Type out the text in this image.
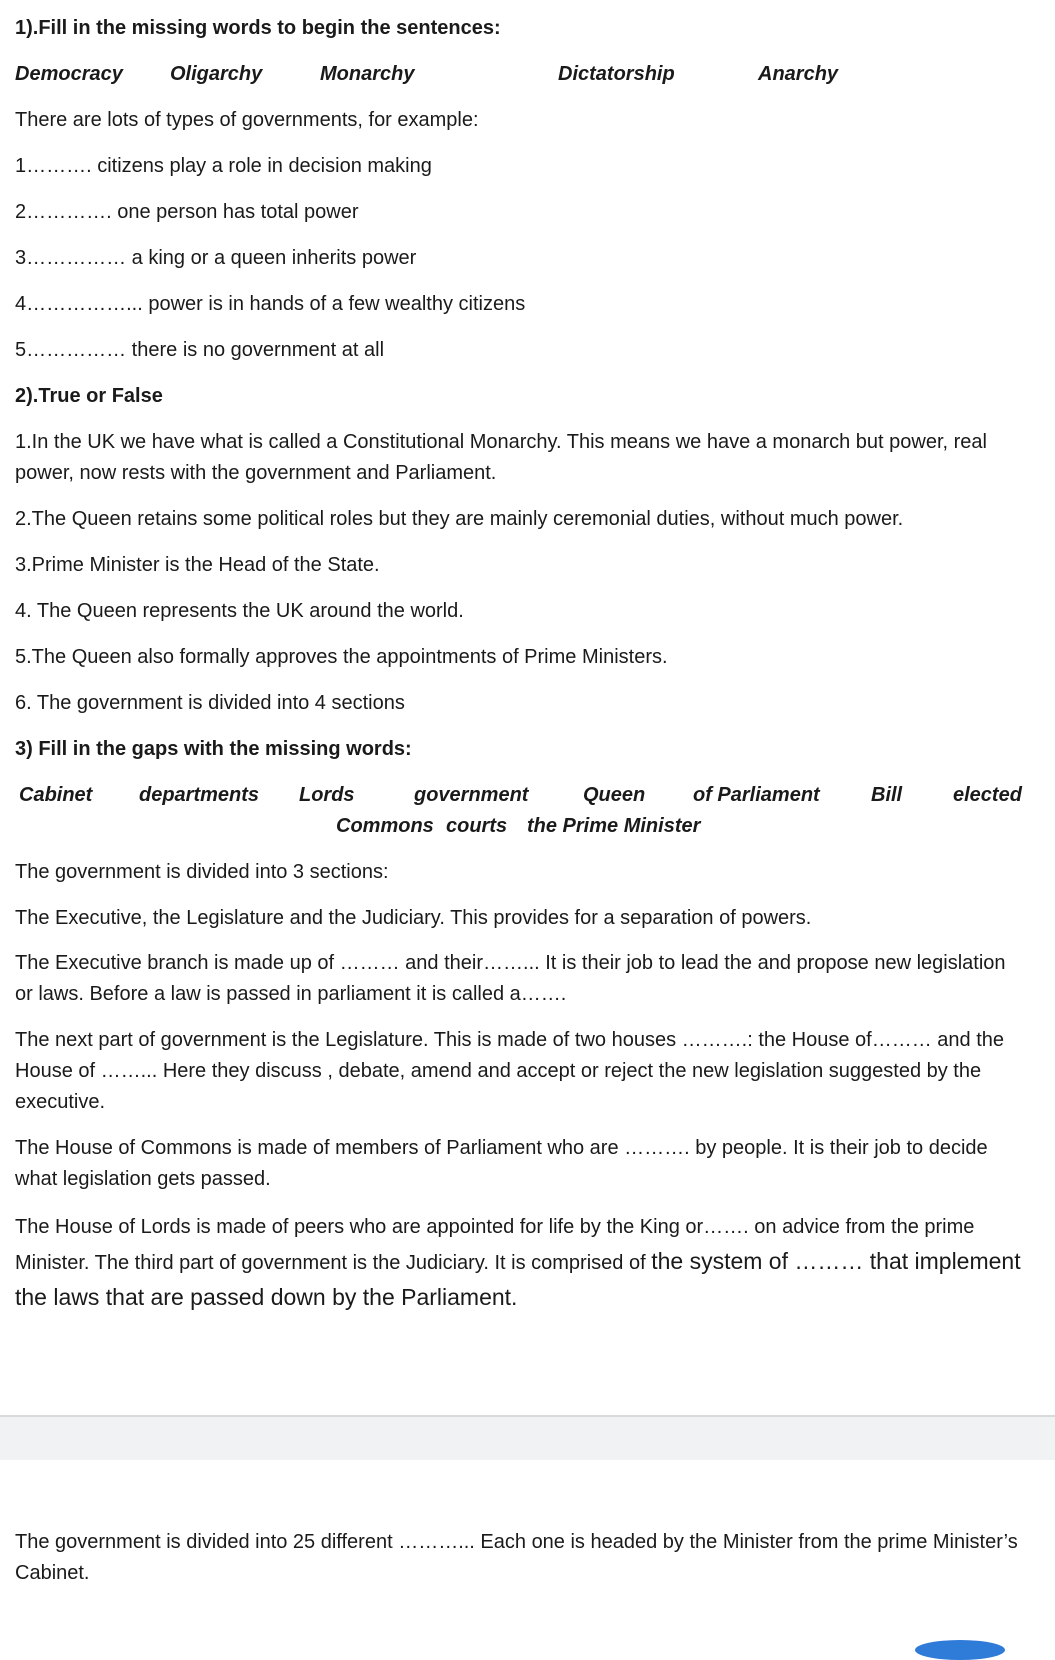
1).Fill in the missing words to begin the sentences:
Democracy Oligarchy	Monarchy	Dictatorship	Anarchy
There are lots of types of governments, for example:
1………. citizens play a role in decision making
2…………. one person has total power
3…………… a king or a queen inherits power
4……………... power is in hands of a few wealthy citizens
5…………… there is no government at all
2).True or False
1.In the UK we have what is called a Constitutional Monarchy. This means we have a monarch but power, real power, now rests with the government and Parliament.
2.The Queen retains some political roles but they are mainly ceremonial duties, without much power.
3.Prime Minister is the Head of the State.
4. The Queen represents the UK around the world.
5.The Queen also formally approves the appointments of Prime Ministers.
6. The government is divided into 4 sections
3) Fill in the gaps with the missing words:
Cabinet departments Lords	government	Queen of Parliament	Bill	elected
Commons courts the Prime Minister
The government is divided into 3 sections:
The Executive, the Legislature and the Judiciary. This provides for a separation of powers.
The Executive branch is made up of ……… and their……... It is their job to lead the and propose new legislation or laws. Before a law is passed in parliament it is called a…….
The next part of government is the Legislature. This is made of two houses ……….: the House of……… and the House of ……... Here they discuss , debate, amend and accept or reject the new legislation suggested by the executive.
The House of Commons is made of members of Parliament who are ………. by people. It is their job to decide what legislation gets passed.
The House of Lords is made of peers who are appointed for life by the King or……. on advice from the prime Minister. The third part of government is the Judiciary. It is comprised of the system of ……… that implement the laws that are passed down by the Parliament.
The government is divided into 25 different ………... Each one is headed by the Minister from the prime Minister’s Cabinet.
